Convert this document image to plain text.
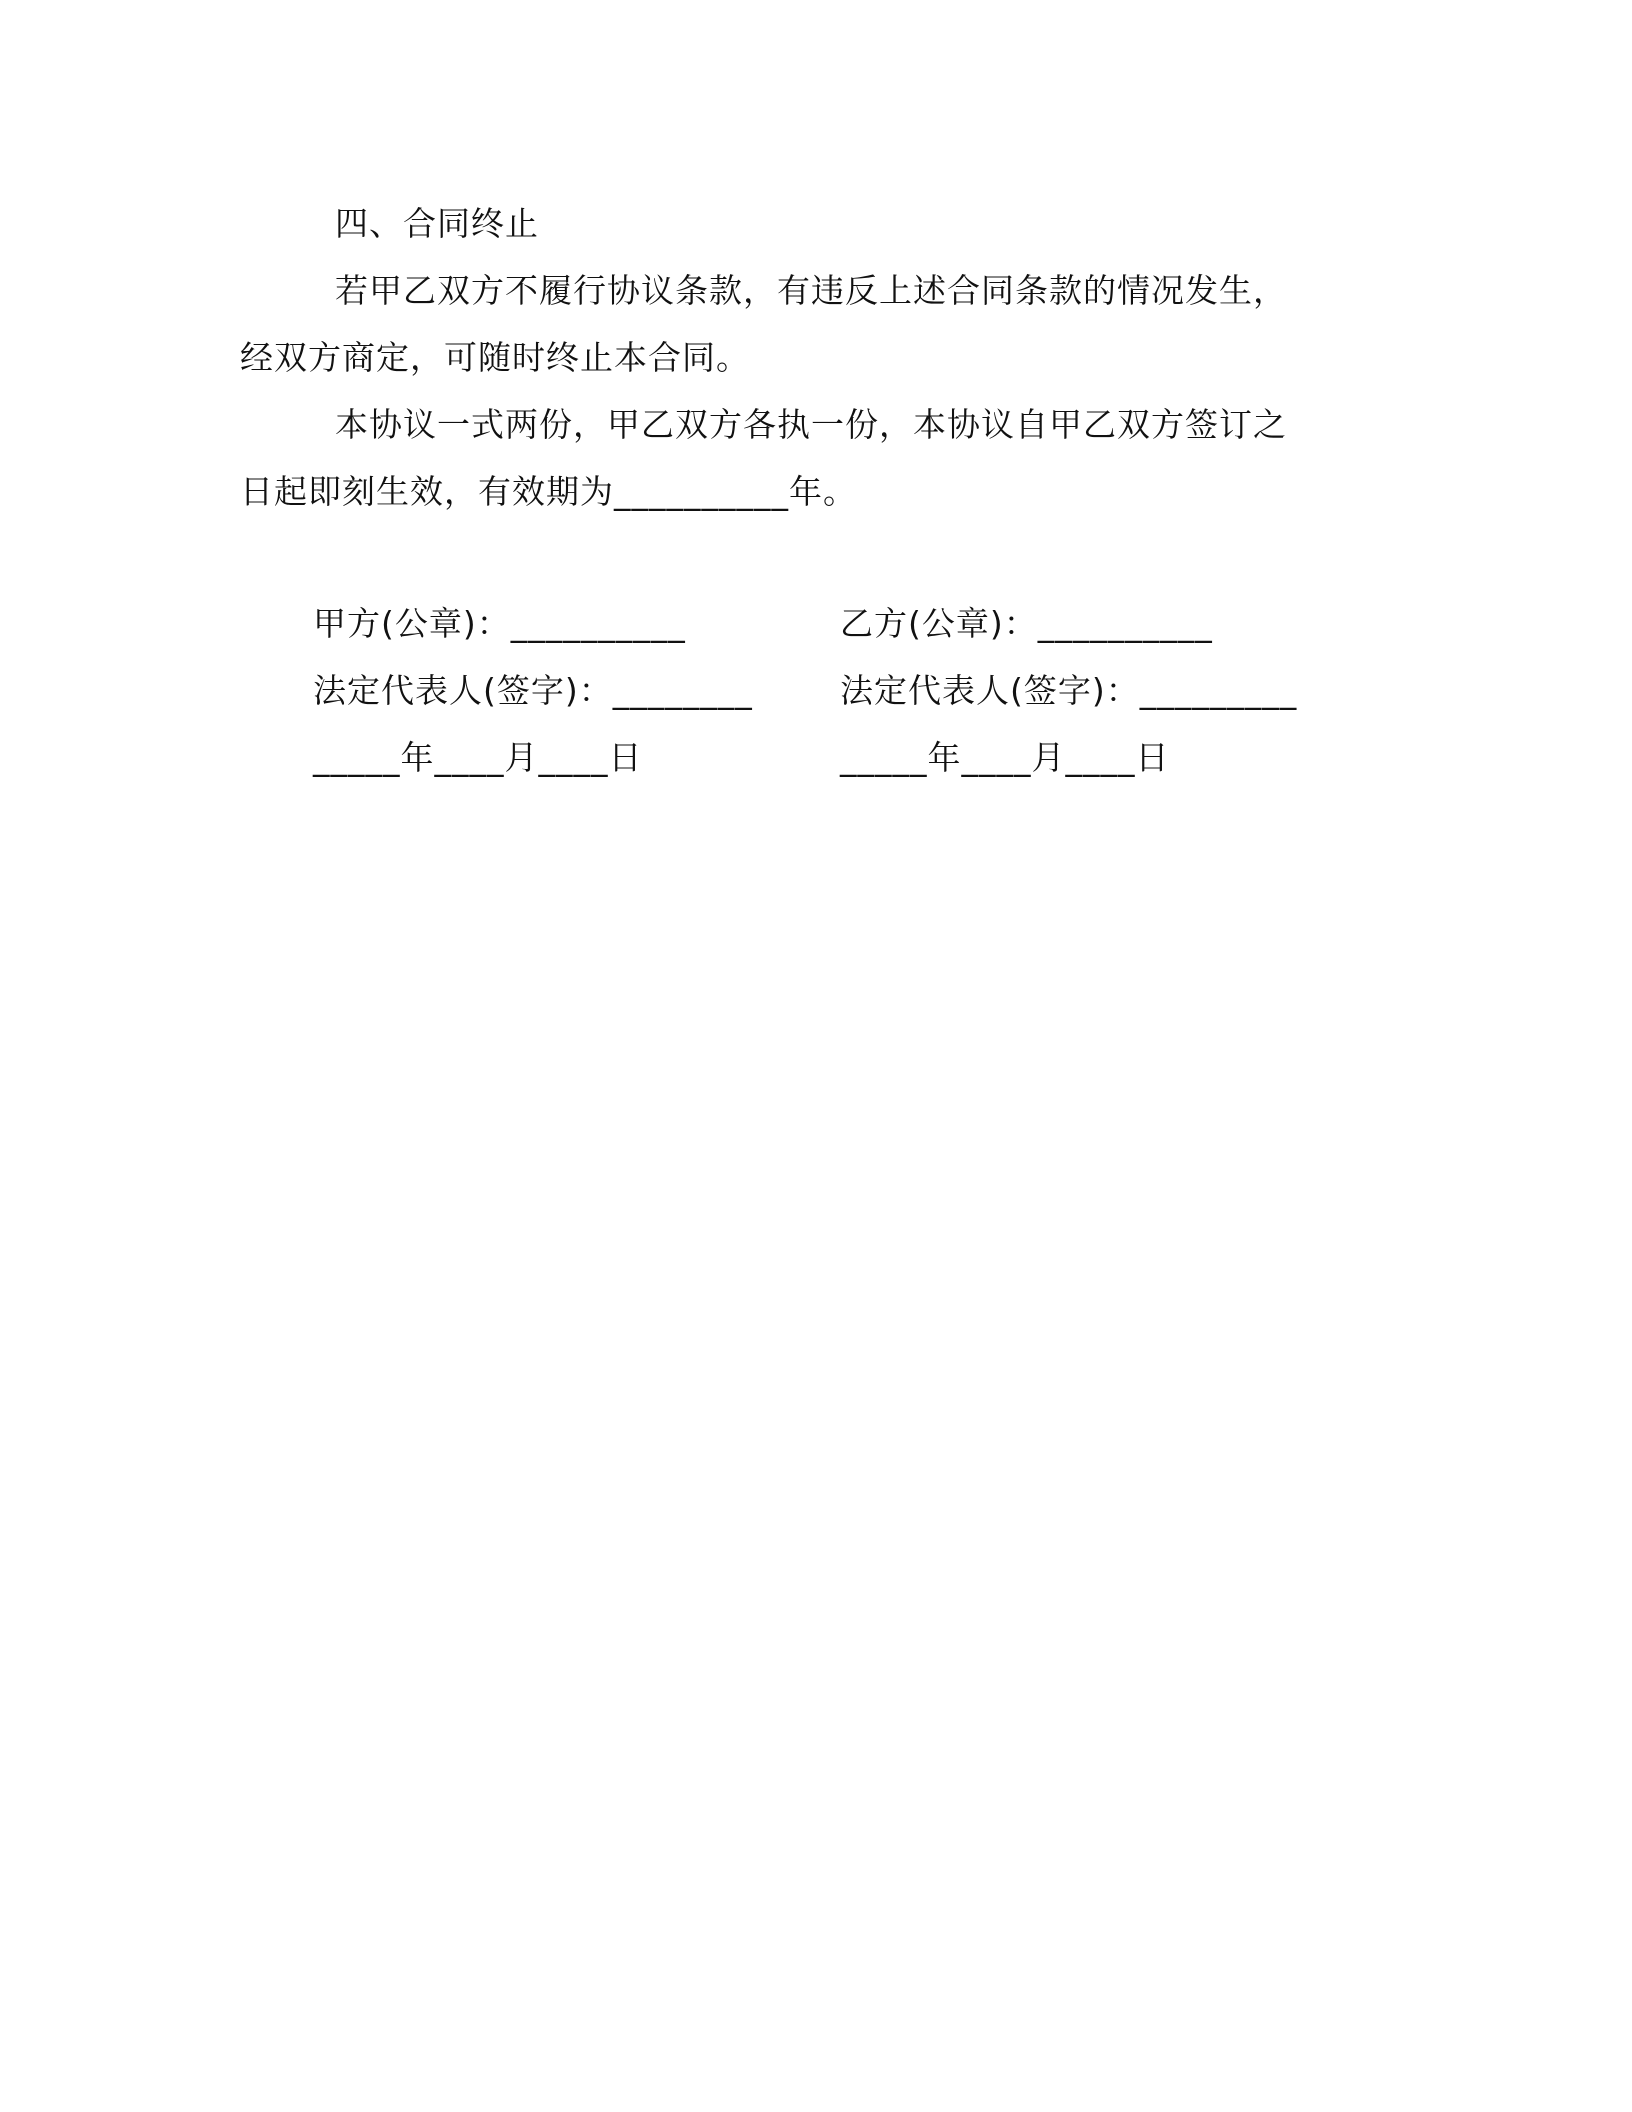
四、合同终止
若甲乙双方不履行协议条款，有违反上述合同条款的情况发生，
经双方商定，可随时终止本合同。
本协议一式两份，甲乙双方各执一份，本协议自甲乙双方签订之
日起即刻生效，有效期为__________年。
甲方(公章)：__________
法定代表人(签字)：________
_____年____月____日
乙方(公章)：__________
法定代表人(签字)：_________
_____年____月____日
